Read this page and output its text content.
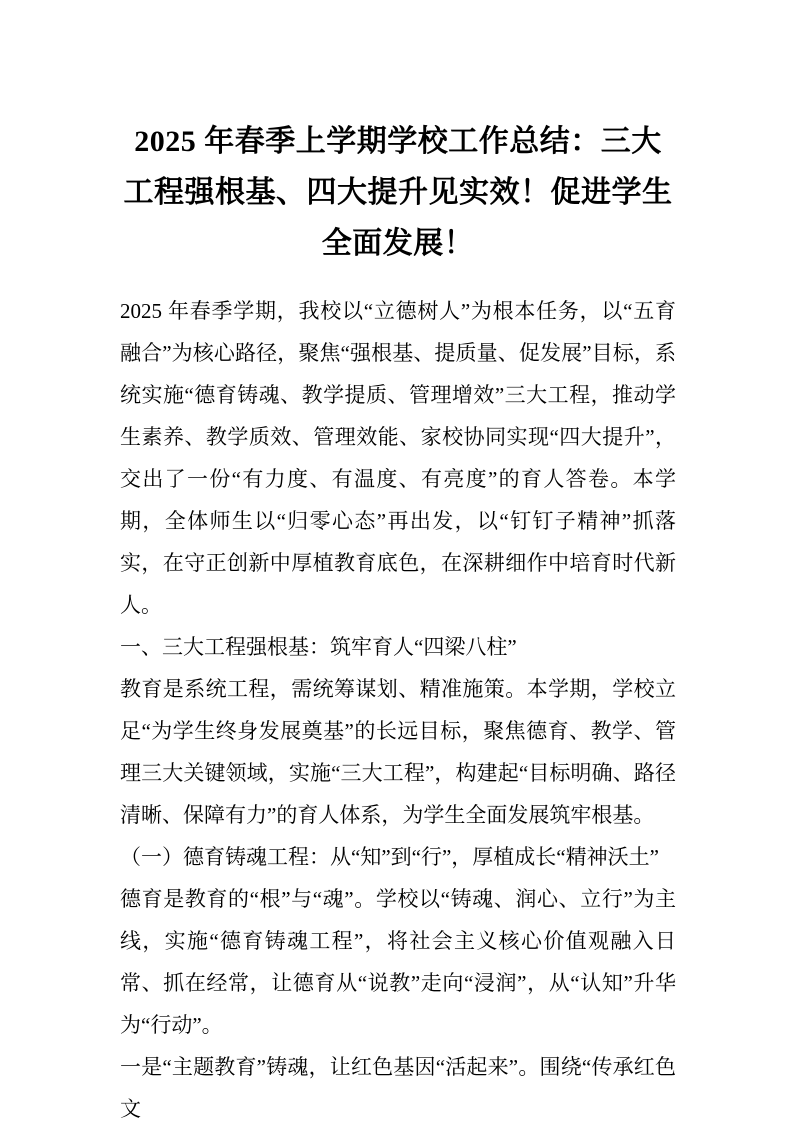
2025 年春季上学期学校工作总结：三大工程强根基、四大提升见实效！促进学生全面发展！

2025 年春季学期，我校以“立德树人”为根本任务，以“五育融合”为核心路径，聚焦“强根基、提质量、促发展”目标，系统实施“德育铸魂、教学提质、管理增效”三大工程，推动学生素养、教学质效、管理效能、家校协同实现“四大提升”，交出了一份“有力度、有温度、有亮度”的育人答卷。本学期，全体师生以“归零心态”再出发，以“钉钉子精神”抓落实，在守正创新中厚植教育底色，在深耕细作中培育时代新人。

一、三大工程强根基：筑牢育人“四梁八柱”

教育是系统工程，需统筹谋划、精准施策。本学期，学校立足“为学生终身发展奠基”的长远目标，聚焦德育、教学、管理三大关键领域，实施“三大工程”，构建起“目标明确、路径清晰、保障有力”的育人体系，为学生全面发展筑牢根基。

（一）德育铸魂工程：从“知”到“行”，厚植成长“精神沃土”

德育是教育的“根”与“魂”。学校以“铸魂、润心、立行”为主线，实施“德育铸魂工程”，将社会主义核心价值观融入日常、抓在经常，让德育从“说教”走向“浸润”，从“认知”升华为“行动”。

一是“主题教育”铸魂，让红色基因“活起来”。围绕“传承红色文
